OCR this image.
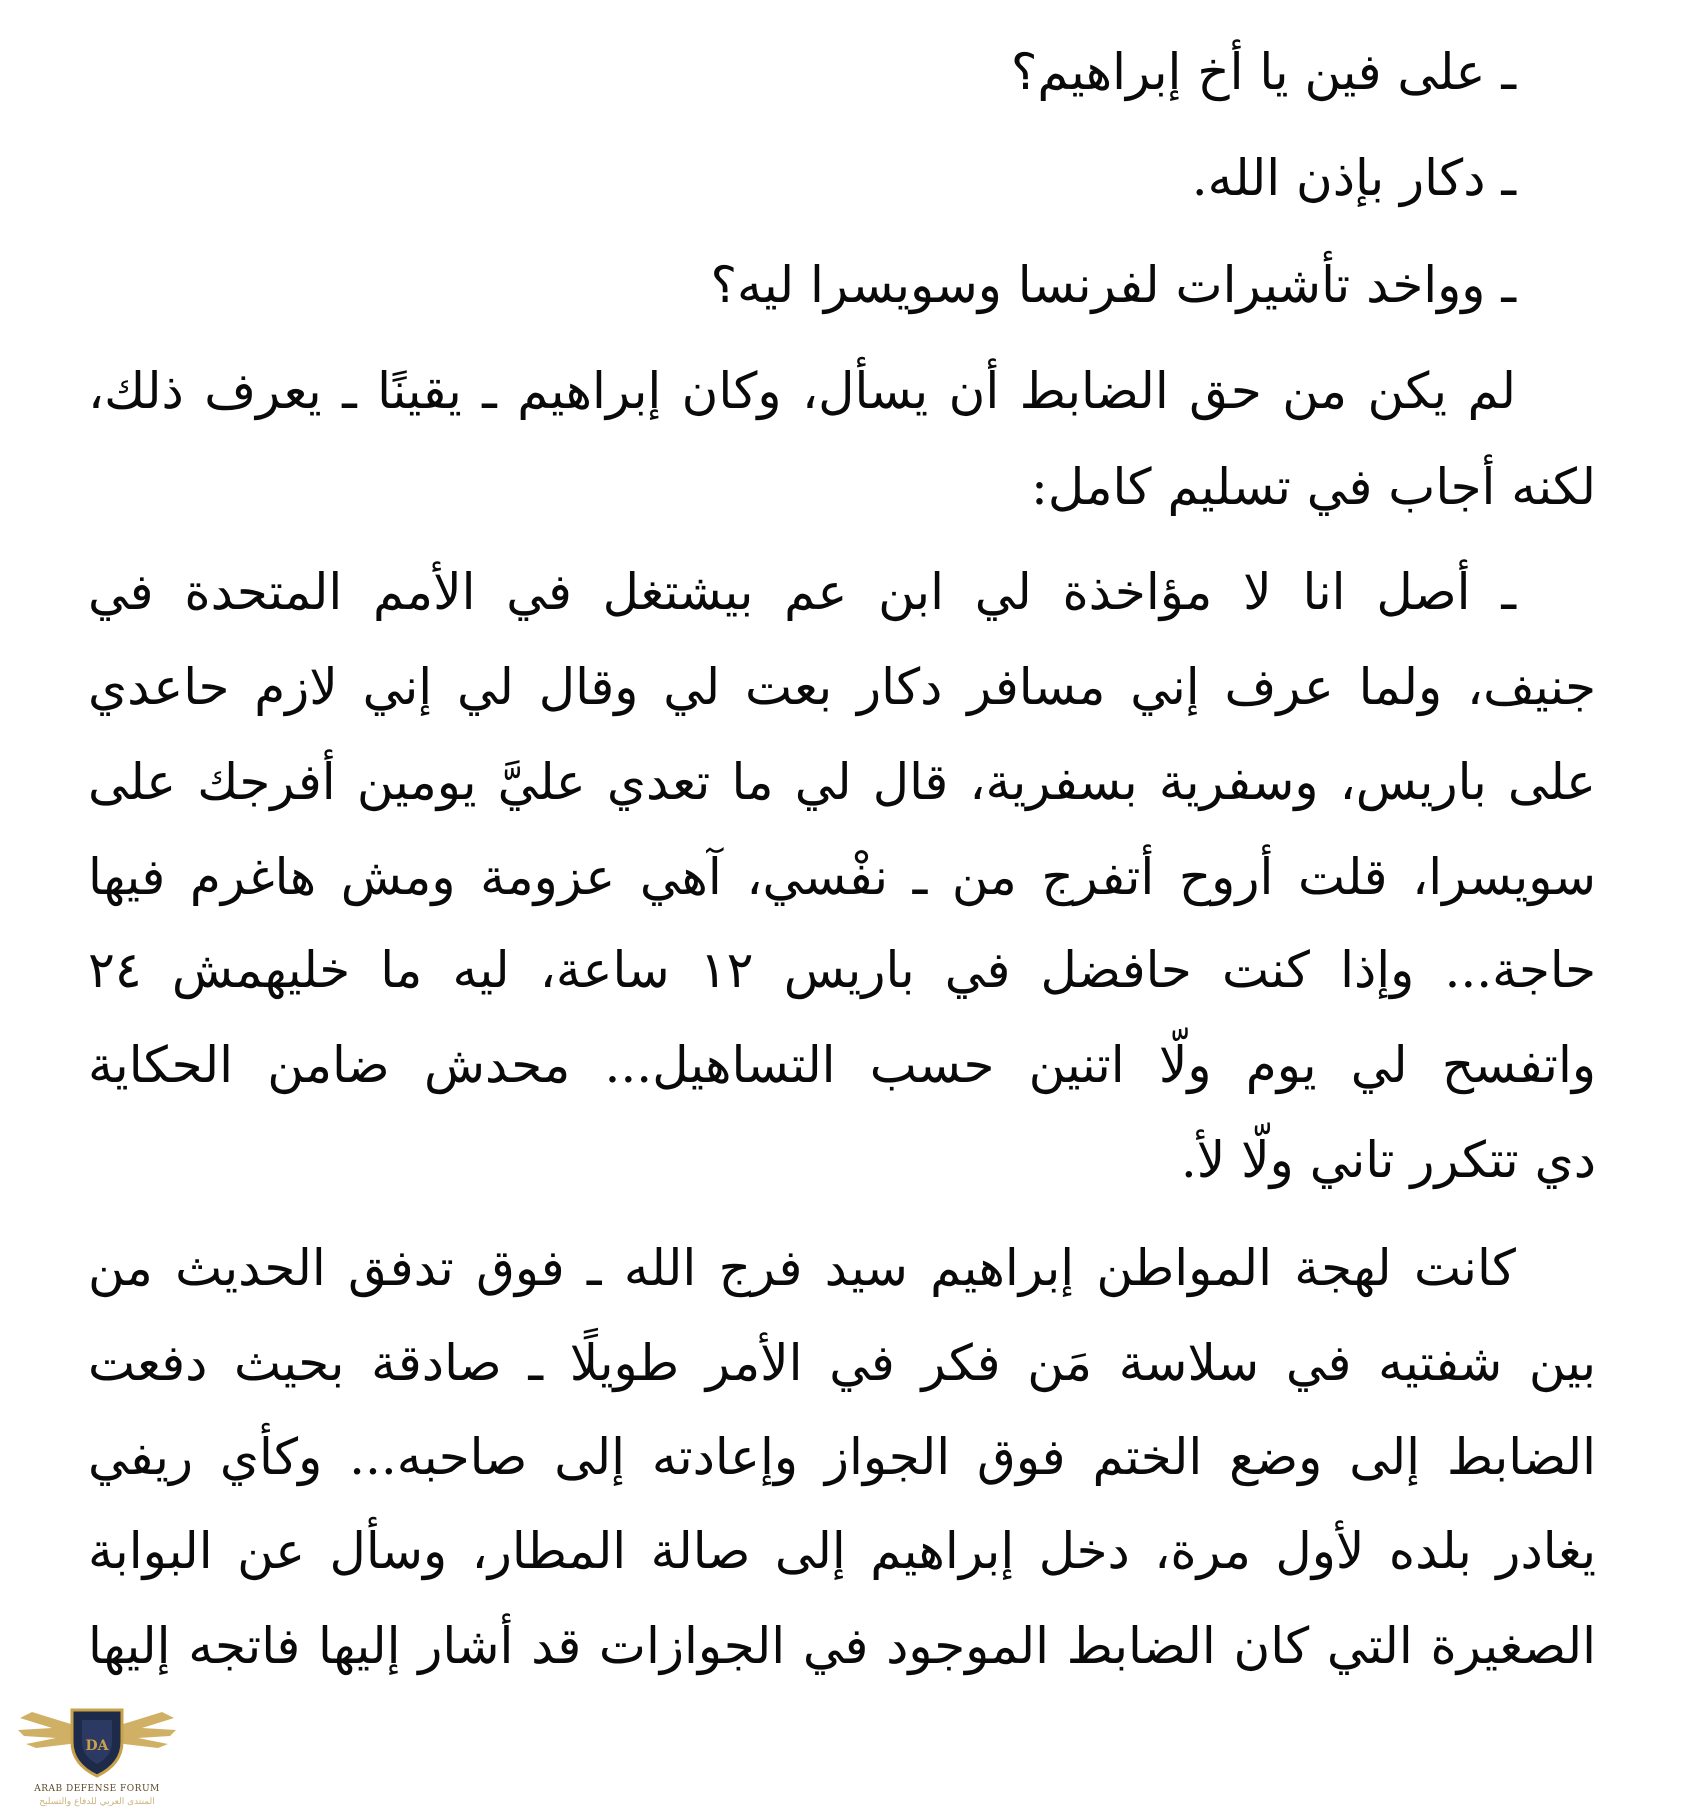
ـ على فين يا أخ إبراهيم؟
ـ دكار بإذن الله.
ـ وواخد تأشيرات لفرنسا وسويسرا ليه؟
لم يكن من حق الضابط أن يسأل، وكان إبراهيم ـ يقينًا ـ يعرف ذلك،
لكنه أجاب في تسليم كامل:
ـ أصل انا لا مؤاخذة لي ابن عم بيشتغل في الأمم المتحدة في
جنيف، ولما عرف إني مسافر دكار بعت لي وقال لي إني لازم حاعدي
على باريس، وسفرية بسفرية، قال لي ما تعدي عليَّ يومين أفرجك على
سويسرا، قلت أروح أتفرج من ـ نفْسي، آهي عزومة ومش هاغرم فيها
حاجة... وإذا كنت حافضل في باريس ١٢ ساعة، ليه ما خليهمش ٢٤
واتفسح لي يوم ولّا اتنين حسب التساهيل... محدش ضامن الحكاية
دي تتكرر تاني ولّا لأ.
كانت لهجة المواطن إبراهيم سيد فرج الله ـ فوق تدفق الحديث من
بين شفتيه في سلاسة مَن فكر في الأمر طويلًا ـ صادقة بحيث دفعت
الضابط إلى وضع الختم فوق الجواز وإعادته إلى صاحبه... وكأي ريفي
يغادر بلده لأول مرة، دخل إبراهيم إلى صالة المطار، وسأل عن البوابة
الصغيرة التي كان الضابط الموجود في الجوازات قد أشار إليها فاتجه إليها
DA
ARAB DEFENSE FORUM
المنتدى العربي للدفاع والتسليح
